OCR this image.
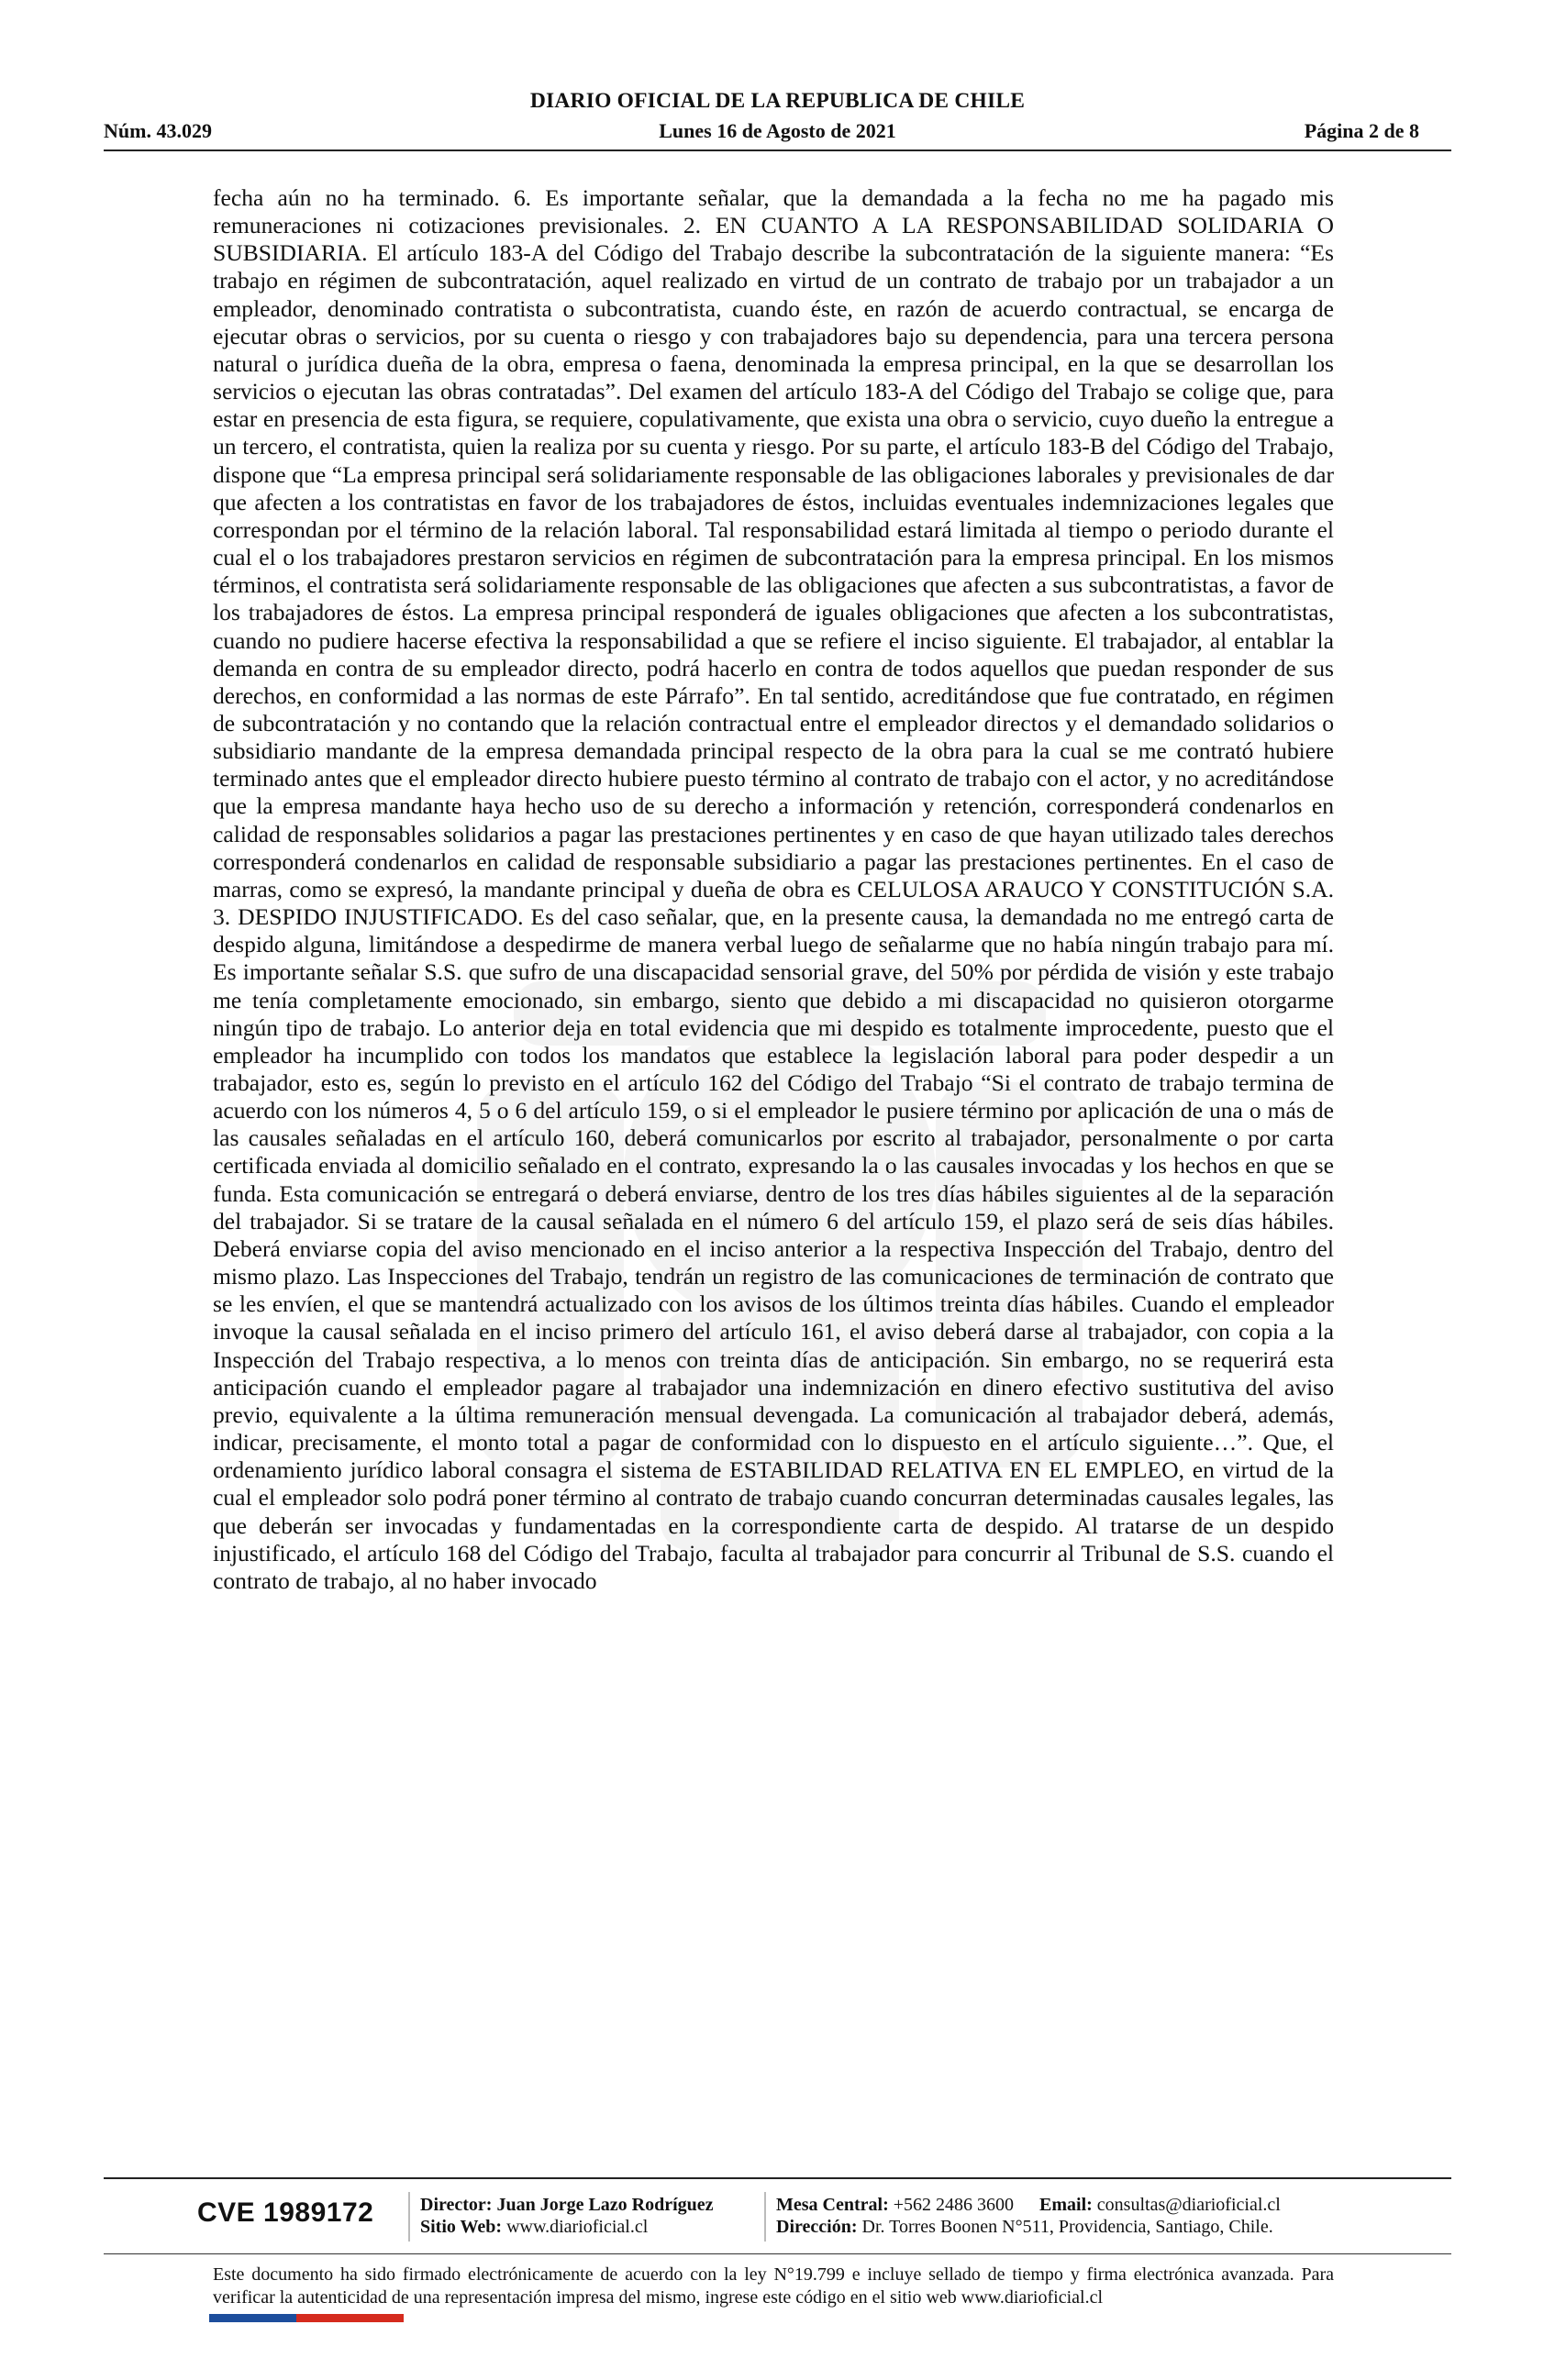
DIARIO OFICIAL DE LA REPUBLICA DE CHILE
Núm. 43.029	Lunes 16 de Agosto de 2021	Página 2 de 8
fecha aún no ha terminado. 6. Es importante señalar, que la demandada a la fecha no me ha pagado mis remuneraciones ni cotizaciones previsionales. 2. EN CUANTO A LA RESPONSABILIDAD SOLIDARIA O SUBSIDIARIA. El artículo 183-A del Código del Trabajo describe la subcontratación de la siguiente manera: “Es trabajo en régimen de subcontratación, aquel realizado en virtud de un contrato de trabajo por un trabajador a un empleador, denominado contratista o subcontratista, cuando éste, en razón de acuerdo contractual, se encarga de ejecutar obras o servicios, por su cuenta o riesgo y con trabajadores bajo su dependencia, para una tercera persona natural o jurídica dueña de la obra, empresa o faena, denominada la empresa principal, en la que se desarrollan los servicios o ejecutan las obras contratadas”. Del examen del artículo 183-A del Código del Trabajo se colige que, para estar en presencia de esta figura, se requiere, copulativamente, que exista una obra o servicio, cuyo dueño la entregue a un tercero, el contratista, quien la realiza por su cuenta y riesgo. Por su parte, el artículo 183-B del Código del Trabajo, dispone que “La empresa principal será solidariamente responsable de las obligaciones laborales y previsionales de dar que afecten a los contratistas en favor de los trabajadores de éstos, incluidas eventuales indemnizaciones legales que correspondan por el término de la relación laboral. Tal responsabilidad estará limitada al tiempo o periodo durante el cual el o los trabajadores prestaron servicios en régimen de subcontratación para la empresa principal. En los mismos términos, el contratista será solidariamente responsable de las obligaciones que afecten a sus subcontratistas, a favor de los trabajadores de éstos. La empresa principal responderá de iguales obligaciones que afecten a los subcontratistas, cuando no pudiere hacerse efectiva la responsabilidad a que se refiere el inciso siguiente. El trabajador, al entablar la demanda en contra de su empleador directo, podrá hacerlo en contra de todos aquellos que puedan responder de sus derechos, en conformidad a las normas de este Párrafo”. En tal sentido, acreditándose que fue contratado, en régimen de subcontratación y no contando que la relación contractual entre el empleador directos y el demandado solidarios o subsidiario mandante de la empresa demandada principal respecto de la obra para la cual se me contrató hubiere terminado antes que el empleador directo hubiere puesto término al contrato de trabajo con el actor, y no acreditándose que la empresa mandante haya hecho uso de su derecho a información y retención, corresponderá condenarlos en calidad de responsables solidarios a pagar las prestaciones pertinentes y en caso de que hayan utilizado tales derechos corresponderá condenarlos en calidad de responsable subsidiario a pagar las prestaciones pertinentes. En el caso de marras, como se expresó, la mandante principal y dueña de obra es CELULOSA ARAUCO Y CONSTITUCIÓN S.A. 3. DESPIDO INJUSTIFICADO. Es del caso señalar, que, en la presente causa, la demandada no me entregó carta de despido alguna, limitándose a despedirme de manera verbal luego de señalarme que no había ningún trabajo para mí. Es importante señalar S.S. que sufro de una discapacidad sensorial grave, del 50% por pérdida de visión y este trabajo me tenía completamente emocionado, sin embargo, siento que debido a mi discapacidad no quisieron otorgarme ningún tipo de trabajo. Lo anterior deja en total evidencia que mi despido es totalmente improcedente, puesto que el empleador ha incumplido con todos los mandatos que establece la legislación laboral para poder despedir a un trabajador, esto es, según lo previsto en el artículo 162 del Código del Trabajo “Si el contrato de trabajo termina de acuerdo con los números 4, 5 o 6 del artículo 159, o si el empleador le pusiere término por aplicación de una o más de las causales señaladas en el artículo 160, deberá comunicarlos por escrito al trabajador, personalmente o por carta certificada enviada al domicilio señalado en el contrato, expresando la o las causales invocadas y los hechos en que se funda. Esta comunicación se entregará o deberá enviarse, dentro de los tres días hábiles siguientes al de la separación del trabajador. Si se tratare de la causal señalada en el número 6 del artículo 159, el plazo será de seis días hábiles. Deberá enviarse copia del aviso mencionado en el inciso anterior a la respectiva Inspección del Trabajo, dentro del mismo plazo. Las Inspecciones del Trabajo, tendrán un registro de las comunicaciones de terminación de contrato que se les envíen, el que se mantendrá actualizado con los avisos de los últimos treinta días hábiles. Cuando el empleador invoque la causal señalada en el inciso primero del artículo 161, el aviso deberá darse al trabajador, con copia a la Inspección del Trabajo respectiva, a lo menos con treinta días de anticipación. Sin embargo, no se requerirá esta anticipación cuando el empleador pagare al trabajador una indemnización en dinero efectivo sustitutiva del aviso previo, equivalente a la última remuneración mensual devengada. La comunicación al trabajador deberá, además, indicar, precisamente, el monto total a pagar de conformidad con lo dispuesto en el artículo siguiente…”. Que, el ordenamiento jurídico laboral consagra el sistema de ESTABILIDAD RELATIVA EN EL EMPLEO, en virtud de la cual el empleador solo podrá poner término al contrato de trabajo cuando concurran determinadas causales legales, las que deberán ser invocadas y fundamentadas en la correspondiente carta de despido. Al tratarse de un despido injustificado, el artículo 168 del Código del Trabajo, faculta al trabajador para concurrir al Tribunal de S.S. cuando el contrato de trabajo, al no haber invocado
CVE 1989172	Director: Juan Jorge Lazo Rodríguez
Sitio Web: www.diarioficial.cl
Mesa Central: +562 2486 3600 Email: consultas@diarioficial.cl
Dirección: Dr. Torres Boonen N°511, Providencia, Santiago, Chile.
Este documento ha sido firmado electrónicamente de acuerdo con la ley N°19.799 e incluye sellado de tiempo y firma electrónica avanzada. Para verificar la autenticidad de una representación impresa del mismo, ingrese este código en el sitio web www.diarioficial.cl
